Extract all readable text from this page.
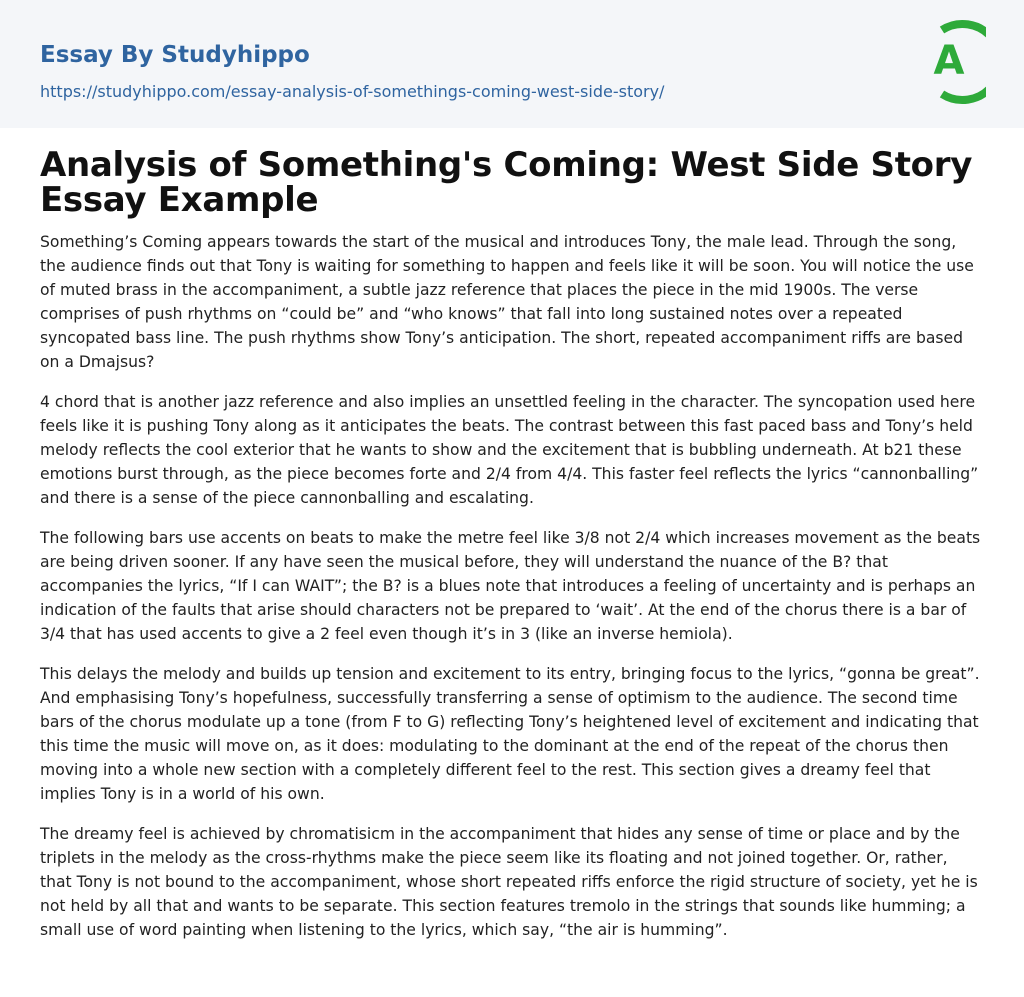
Essay By Studyhippo
https://studyhippo.com/essay-analysis-of-somethings-coming-west-side-story/
A
Analysis of Something's Coming: West Side Story Essay Example

Something’s Coming appears towards the start of the musical and introduces Tony, the male lead. Through the song, the audience finds out that Tony is waiting for something to happen and feels like it will be soon. You will notice the use of muted brass in the accompaniment, a subtle jazz reference that places the piece in the mid 1900s. The verse comprises of push rhythms on “could be” and “who knows” that fall into long sustained notes over a repeated syncopated bass line. The push rhythms show Tony’s anticipation. The short, repeated accompaniment riffs are based on a Dmajsus?

4 chord that is another jazz reference and also implies an unsettled feeling in the character. The syncopation used here feels like it is pushing Tony along as it anticipates the beats. The contrast between this fast paced bass and Tony’s held melody reflects the cool exterior that he wants to show and the excitement that is bubbling underneath. At b21 these emotions burst through, as the piece becomes forte and 2/4 from 4/4. This faster feel reflects the lyrics “cannonballing” and there is a sense of the piece cannonballing and escalating.

The following bars use accents on beats to make the metre feel like 3/8 not 2/4 which increases movement as the beats are being driven sooner. If any have seen the musical before, they will understand the nuance of the B? that accompanies the lyrics, “If I can WAIT”; the B? is a blues note that introduces a feeling of uncertainty and is perhaps an indication of the faults that arise should characters not be prepared to ‘wait’. At the end of the chorus there is a bar of 3/4 that has used accents to give a 2 feel even though it’s in 3 (like an inverse hemiola).

This delays the melody and builds up tension and excitement to its entry, bringing focus to the lyrics, “gonna be great”. And emphasising Tony’s hopefulness, successfully transferring a sense of optimism to the audience. The second time bars of the chorus modulate up a tone (from F to G) reflecting Tony’s heightened level of excitement and indicating that this time the music will move on, as it does: modulating to the dominant at the end of the repeat of the chorus then moving into a whole new section with a completely different feel to the rest. This section gives a dreamy feel that implies Tony is in a world of his own.

The dreamy feel is achieved by chromatisicm in the accompaniment that hides any sense of time or place and by the triplets in the melody as the cross-rhythms make the piece seem like its floating and not joined together. Or, rather, that Tony is not bound to the accompaniment, whose short repeated riffs enforce the rigid structure of society, yet he is not held by all that and wants to be separate. This section features tremolo in the strings that sounds like humming; a small use of word painting when listening to the lyrics, which say, “the air is humming”.
